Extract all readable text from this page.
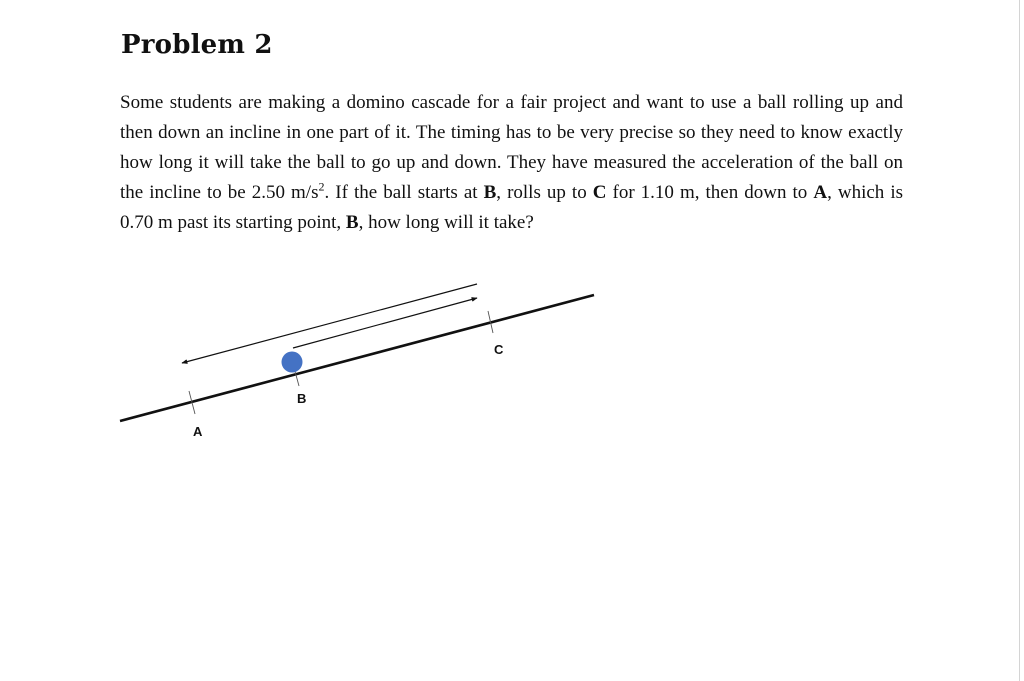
Problem 2

Some students are making a domino cascade for a fair project and want to use a ball rolling up and then down an incline in one part of it. The timing has to be very precise so they need to know exactly how long it will take the ball to go up and down. They have measured the acceleration of the ball on the incline to be 2.50 $m/s^2$. If the ball starts at B, rolls up to C for 1.10 m, then down to A, which is 0.70 m past its starting point, B, how long will it take?

A
B
C
